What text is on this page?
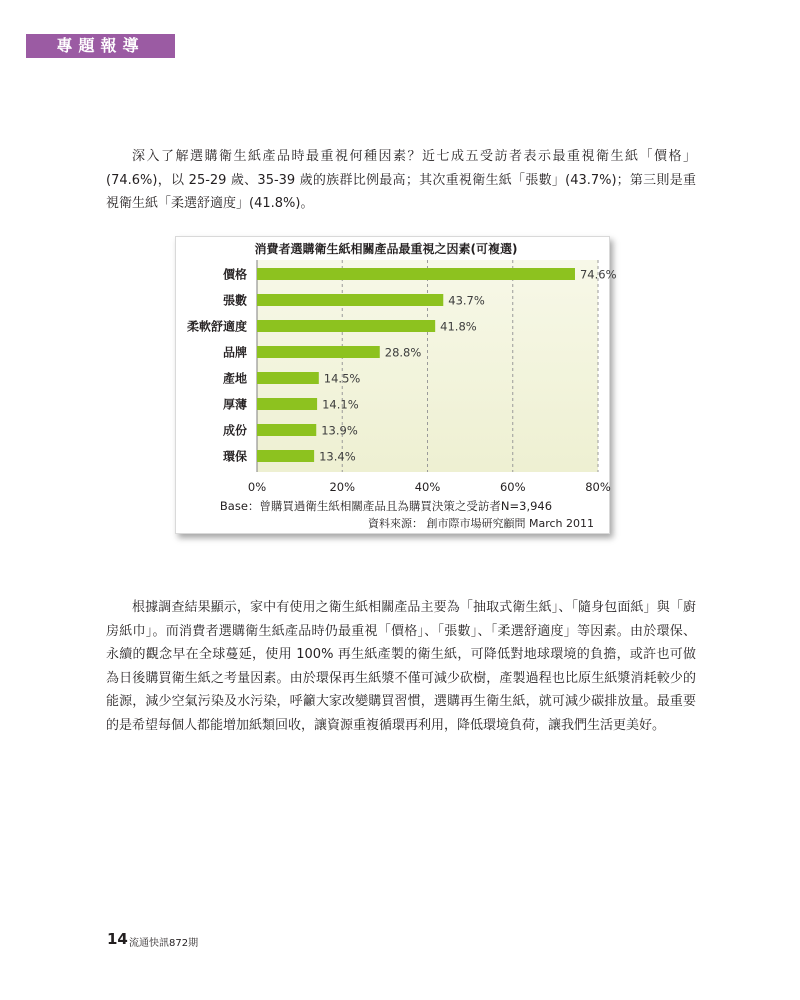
專題報導

深入了解選購衛生紙產品時最重視何種因素？近七成五受訪者表示最重視衛生紙「價格」(74.6%)，以 25-29 歲、35-39 歲的族群比例最高；其次重視衛生紙「張數」(43.7%)；第三則是重視衛生紙「柔選舒適度」(41.8%)。

消費者選購衛生紙相關產品最重視之因素(可複選)
價格	74.6%
張數	43.7%
柔軟舒適度	41.8%
品牌	28.8%
產地	14.5%
厚薄	14.1%
成份	13.9%
環保	13.4%
0%	20%	40%	60%	80%
Base：曾購買過衛生紙相關產品且為購買決策之受訪者N=3,946
資料來源： 創市際市場研究顧問 March 2011

根據調查結果顯示，家中有使用之衛生紙相關產品主要為「抽取式衛生紙」、「隨身包面紙」與「廚房紙巾」。而消費者選購衛生紙產品時仍最重視「價格」、「張數」、「柔選舒適度」等因素。由於環保、永續的觀念早在全球蔓延，使用 100% 再生紙產製的衛生紙，可降低對地球環境的負擔，或許也可做為日後購買衛生紙之考量因素。由於環保再生紙漿不僅可減少砍樹，產製過程也比原生紙漿消耗較少的能源，減少空氣污染及水污染，呼籲大家改變購買習慣，選購再生衛生紙，就可減少碳排放量。最重要的是希望每個人都能增加紙類回收，讓資源重複循環再利用，降低環境負荷，讓我們生活更美好。

14 流通快訊872期
